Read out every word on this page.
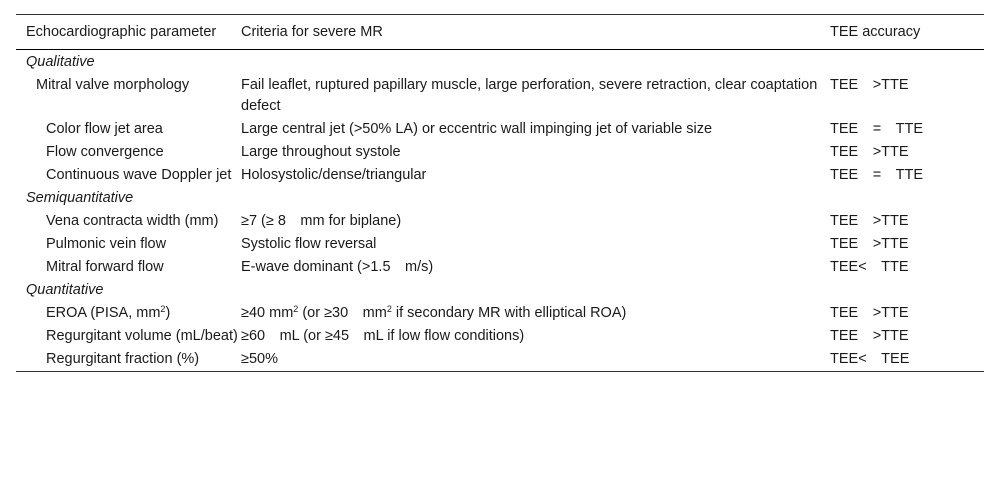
Echocardiographic parameter	Criteria for severe MR	TEE accuracy
Qualitative		
Mitral valve morphology	Fail leaflet, ruptured papillary muscle, large perforation, severe retraction, clear coaptation defect	TEE >TTE
Color flow jet area	Large central jet (>50% LA) or eccentric wall impinging jet of variable size	TEE = TTE
Flow convergence	Large throughout systole	TEE >TTE
Continuous wave Doppler jet	Holosystolic/dense/triangular	TEE = TTE
Semiquantitative		
Vena contracta width (mm)	≥7 (≥ 8 mm for biplane)	TEE >TTE
Pulmonic vein flow	Systolic flow reversal	TEE >TTE
Mitral forward flow	E-wave dominant (>1.5 m/s)	TEE< TTE
Quantitative		
EROA (PISA, $mm^2$)	≥40 $mm^2$ (or ≥30 $mm^2$ if secondary MR with elliptical ROA)	TEE >TTE
Regurgitant volume (mL/beat)	≥60 mL (or ≥45 mL if low flow conditions)	TEE >TTE
Regurgitant fraction (%)	≥50%	TEE< TEE
